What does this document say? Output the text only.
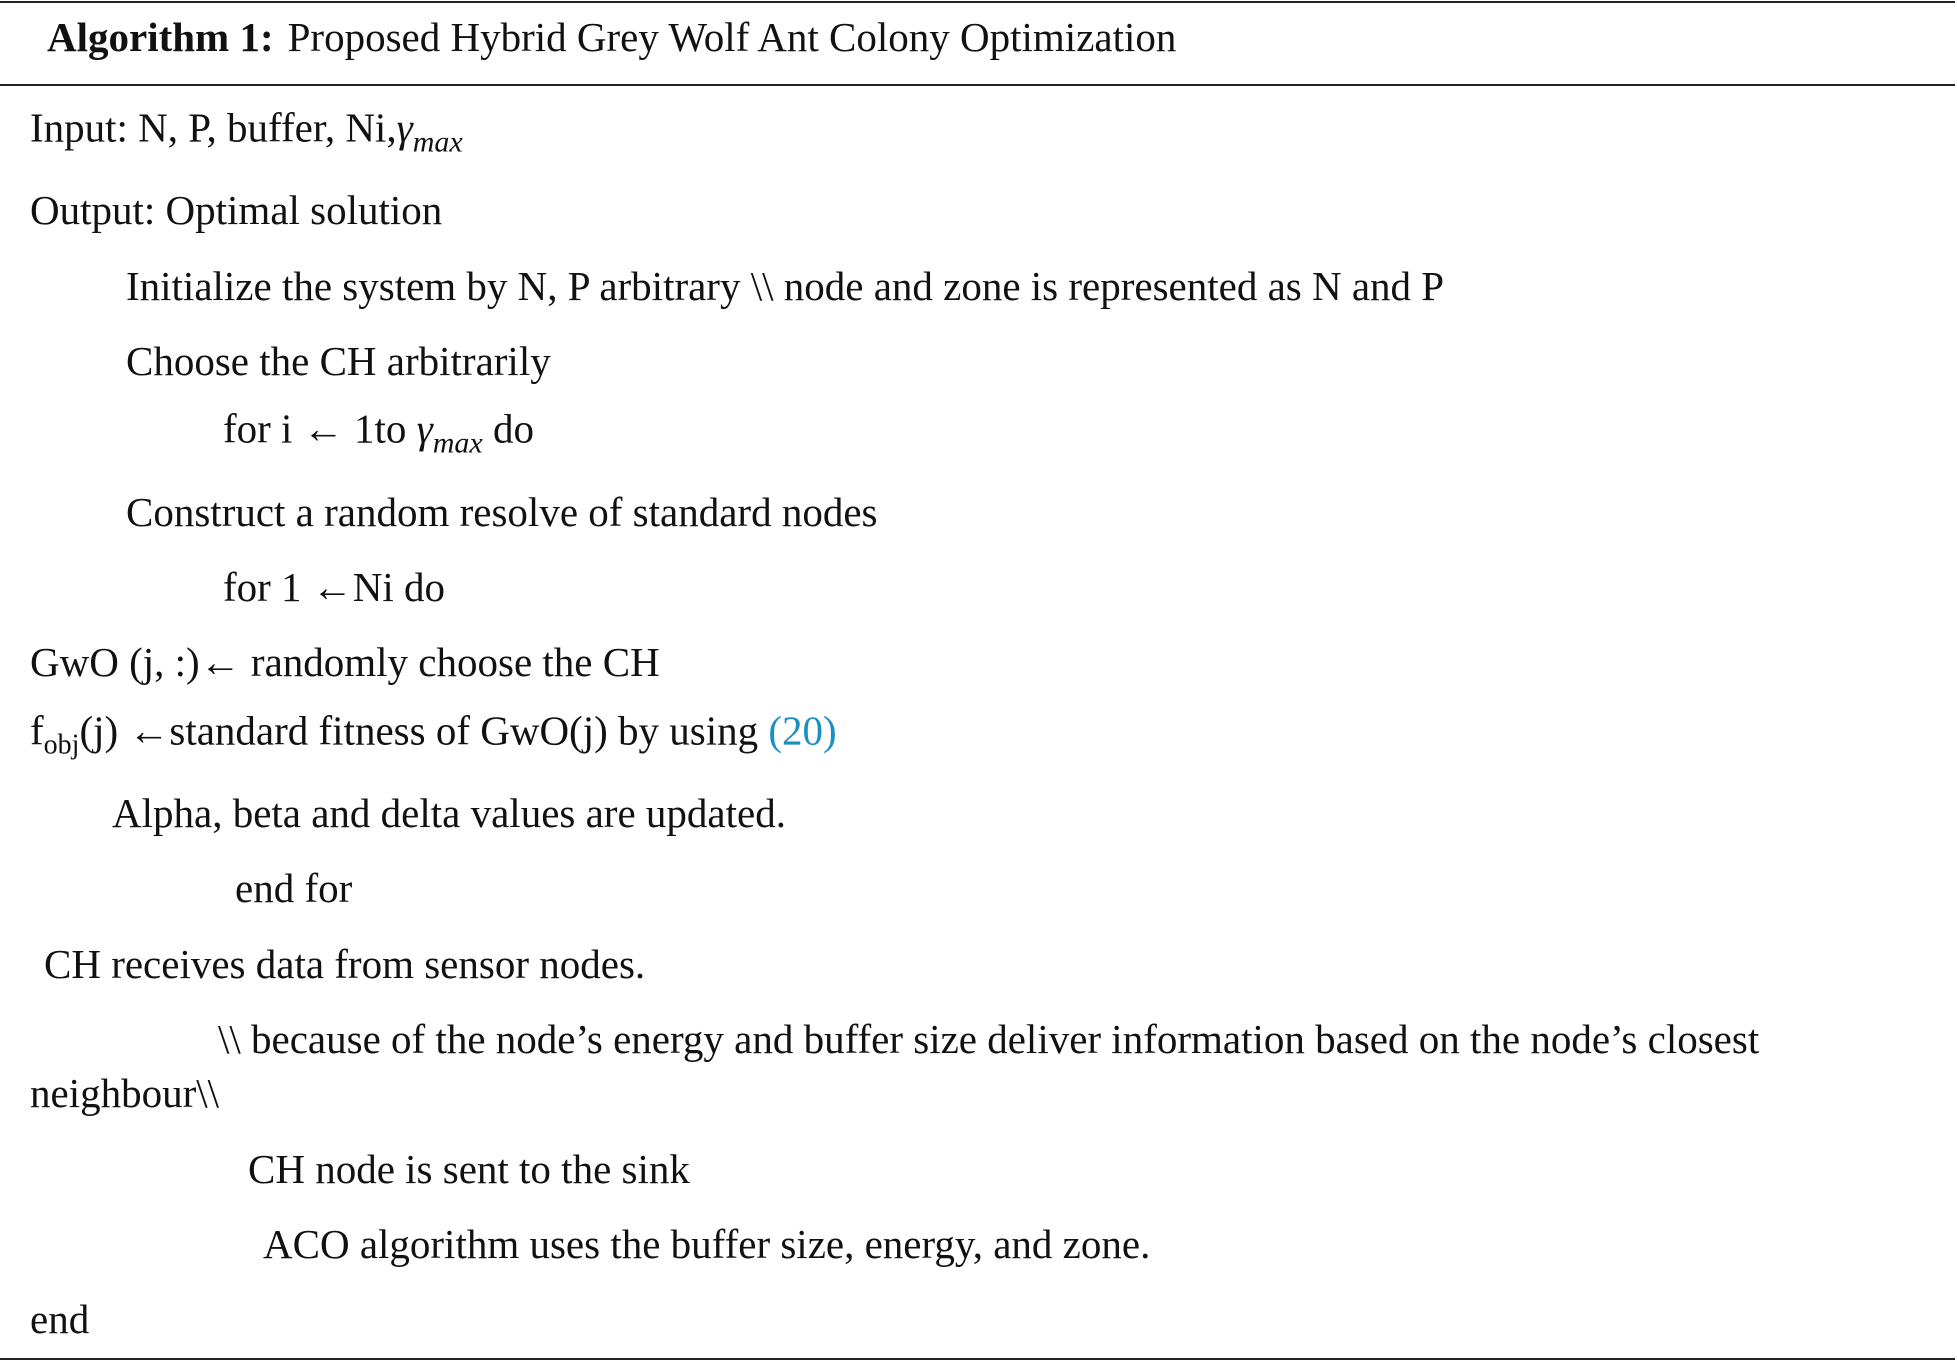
Algorithm 1: Proposed Hybrid Grey Wolf Ant Colony Optimization
Input: N, P, buffer, $Ni,\gamma_{max}$
Output: Optimal solution
Initialize the system by N, P arbitrary \\ node and zone is represented as N and P
Choose the CH arbitrarily
for i ← 1to $\gamma_{max}$ do
Construct a random resolve of standard nodes
for 1 ←Ni do
GwO (j, :)← randomly choose the CH
$f_{obj}(j)$ ←standard fitness of GwO(j) by using (20)
Alpha, beta and delta values are updated.
end for
CH receives data from sensor nodes.
\\ because of the node’s energy and buffer size deliver information based on the node’s closest
neighbour\\
CH node is sent to the sink
ACO algorithm uses the buffer size, energy, and zone.
end
